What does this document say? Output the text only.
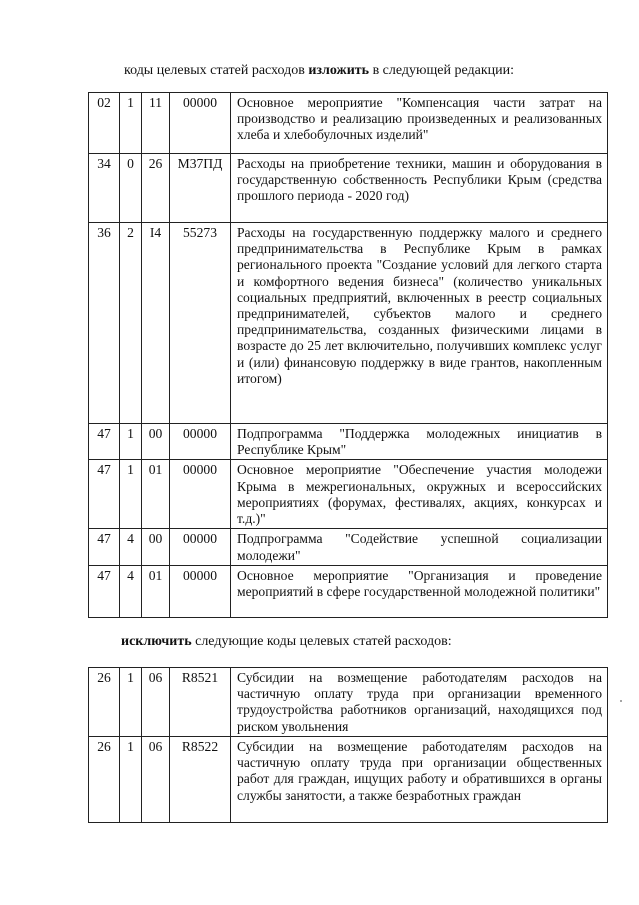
коды целевых статей расходов изложить в следующей редакции:
02	1	11	00000	Основное мероприятие "Компенсация части затрат на производство и реализацию произведенных и реализованных хлеба и хлебобулочных изделий"
34	0	26	М37ПД	Расходы на приобретение техники, машин и оборудования в государственную собственность Республики Крым (средства прошлого периода - 2020 год)
36	2	I4	55273	Расходы на государственную поддержку малого и среднего предпринимательства в Республике Крым в рамках регионального проекта "Создание условий для легкого старта и комфортного ведения бизнеса" (количество уникальных социальных предприятий, включенных в реестр социальных предпринимателей, субъектов малого и среднего предпринимательства, созданных физическими лицами в возрасте до 25 лет включительно, получивших комплекс услуг и (или) финансовую поддержку в виде грантов, накопленным итогом)
47	1	00	00000	Подпрограмма "Поддержка молодежных инициатив в Республике Крым"
47	1	01	00000	Основное мероприятие "Обеспечение участия молодежи Крыма в межрегиональных, окружных и всероссийских мероприятиях (форумах, фестивалях, акциях, конкурсах и т.д.)"
47	4	00	00000	Подпрограмма "Содействие успешной социализации молодежи"
47	4	01	00000	Основное мероприятие "Организация и проведение мероприятий в сфере государственной молодежной политики"
исключить следующие коды целевых статей расходов:
26	1	06	R8521	Субсидии на возмещение работодателям расходов на частичную оплату труда при организации временного трудоустройства работников организаций, находящихся под риском увольнения
26	1	06	R8522	Субсидии на возмещение работодателям расходов на частичную оплату труда при организации общественных работ для граждан, ищущих работу и обратившихся в органы службы занятости, а также безработных граждан
